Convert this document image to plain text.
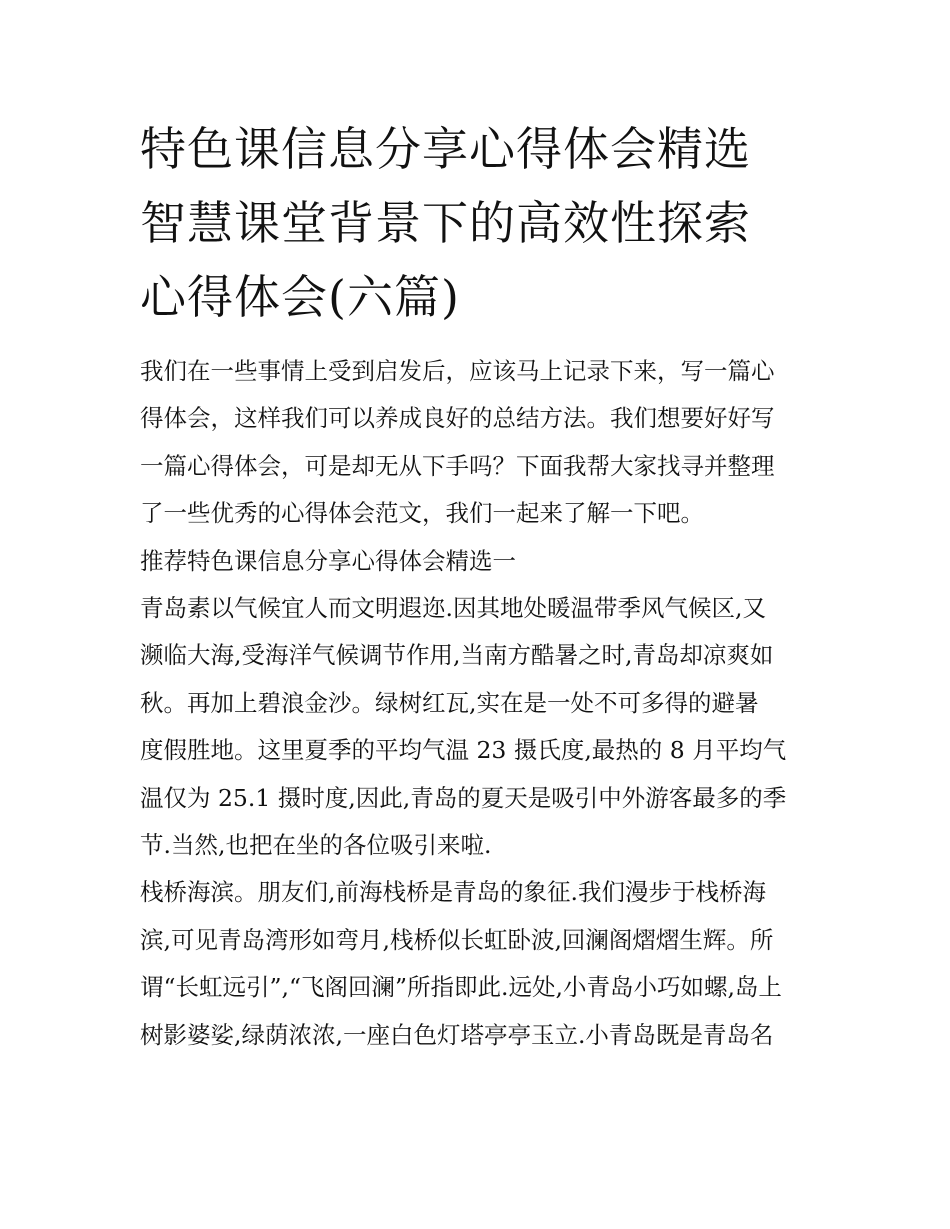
特色课信息分享心得体会精选
智慧课堂背景下的高效性探索
心得体会(六篇)
我们在一些事情上受到启发后，应该马上记录下来，写一篇心
得体会，这样我们可以养成良好的总结方法。我们想要好好写
一篇心得体会，可是却无从下手吗？下面我帮大家找寻并整理
了一些优秀的心得体会范文，我们一起来了解一下吧。
推荐特色课信息分享心得体会精选一
青岛素以气候宜人而文明遐迩.因其地处暖温带季风气候区,又
濒临大海,受海洋气候调节作用,当南方酷暑之时,青岛却凉爽如
秋。再加上碧浪金沙。绿树红瓦,实在是一处不可多得的避暑
度假胜地。这里夏季的平均气温 23 摄氏度,最热的 8 月平均气
温仅为 25.1 摄时度,因此,青岛的夏天是吸引中外游客最多的季
节.当然,也把在坐的各位吸引来啦.
栈桥海滨。朋友们,前海栈桥是青岛的象征.我们漫步于栈桥海
滨,可见青岛湾形如弯月,栈桥似长虹卧波,回澜阁熠熠生辉。所
谓“长虹远引”,“飞阁回澜”所指即此.远处,小青岛小巧如螺,岛上
树影婆娑,绿荫浓浓,一座白色灯塔亭亭玉立.小青岛既是青岛名
